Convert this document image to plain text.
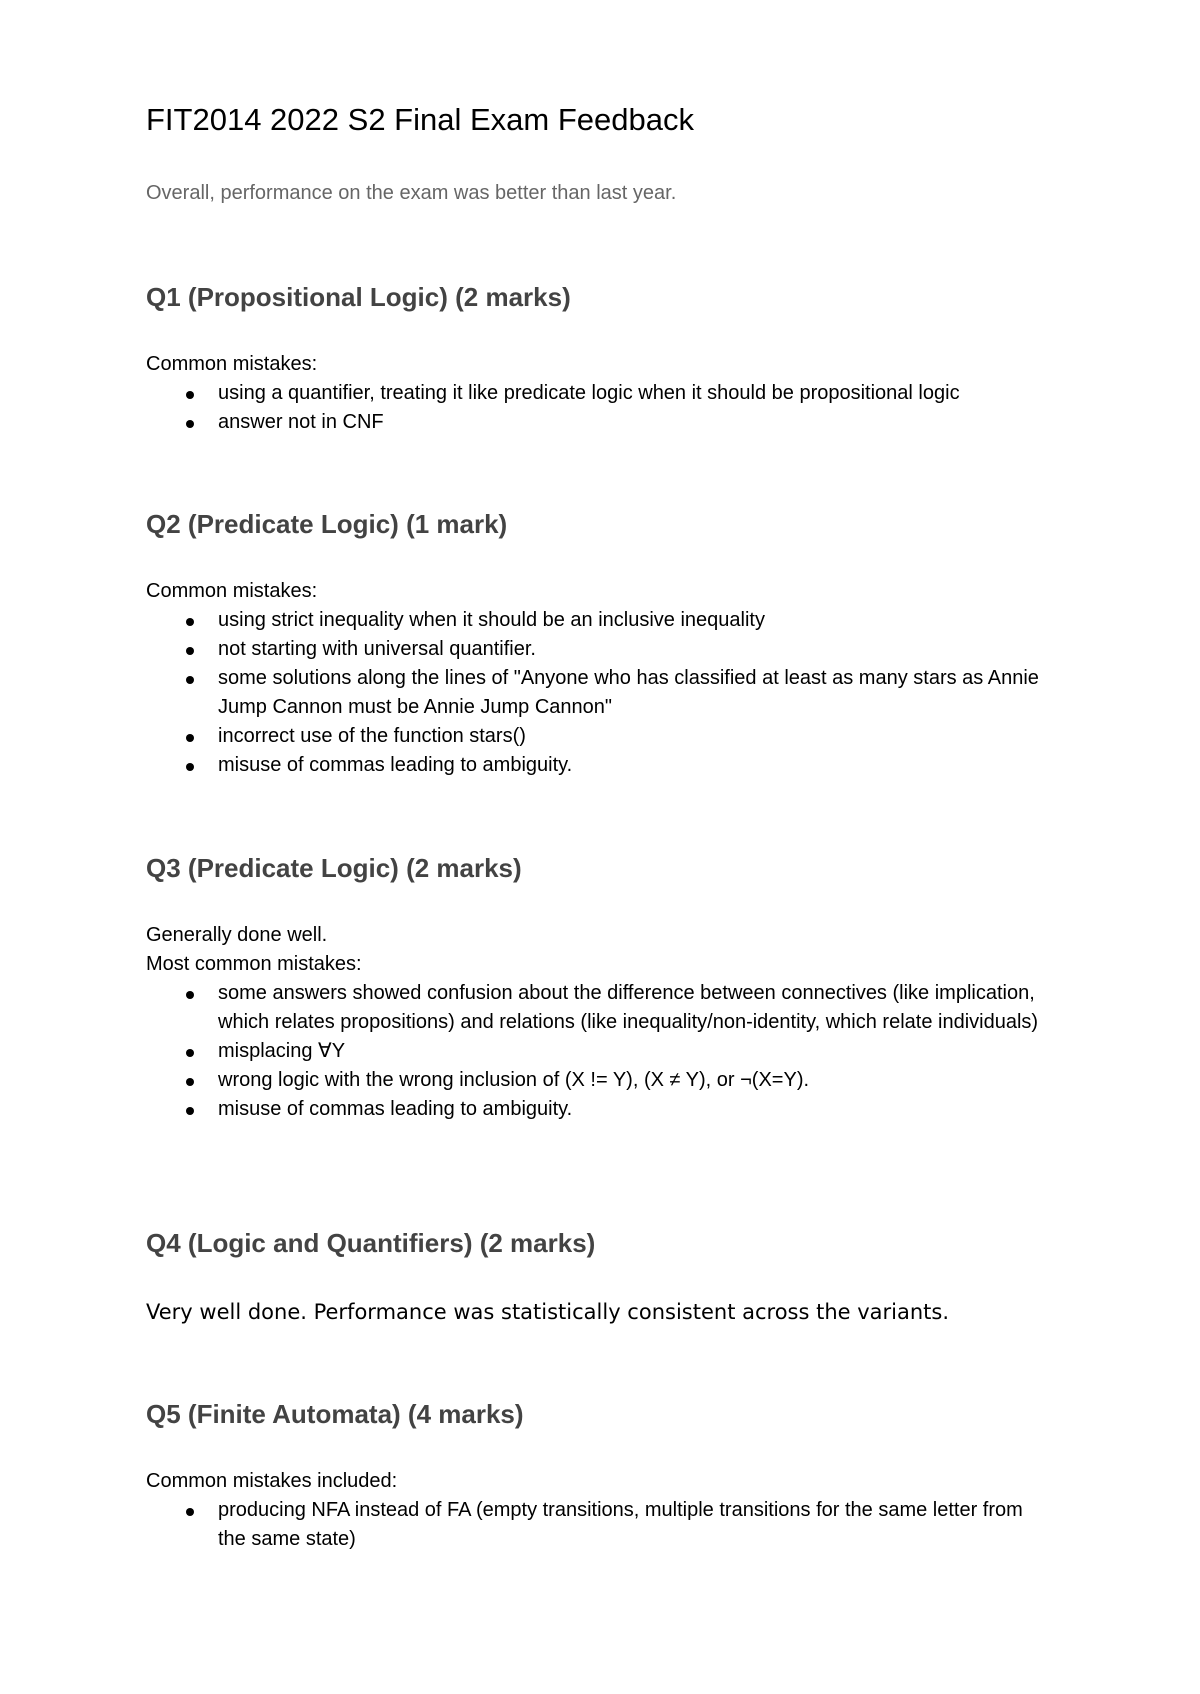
FIT2014 2022 S2 Final Exam Feedback

Overall, performance on the exam was better than last year.

Q1 (Propositional Logic) (2 marks)

Common mistakes:

using a quantifier, treating it like predicate logic when it should be propositional logic
answer not in CNF
Q2 (Predicate Logic) (1 mark)

Common mistakes:

using strict inequality when it should be an inclusive inequality
not starting with universal quantifier.
some solutions along the lines of "Anyone who has classified at least as many stars as Annie Jump Cannon must be Annie Jump Cannon"
incorrect use of the function stars()
misuse of commas leading to ambiguity.
Q3 (Predicate Logic) (2 marks)

Generally done well.

Most common mistakes:

some answers showed confusion about the difference between connectives (like implication, which relates propositions) and relations (like inequality/non-identity, which relate individuals)
misplacing ∀Y
wrong logic with the wrong inclusion of (X != Y), (X ≠ Y), or ¬(X=Y).
misuse of commas leading to ambiguity.
Q4 (Logic and Quantifiers) (2 marks)

Very well done. Performance was statistically consistent across the variants.

Q5 (Finite Automata) (4 marks)

Common mistakes included:

producing NFA instead of FA (empty transitions, multiple transitions for the same letter from the same state)
